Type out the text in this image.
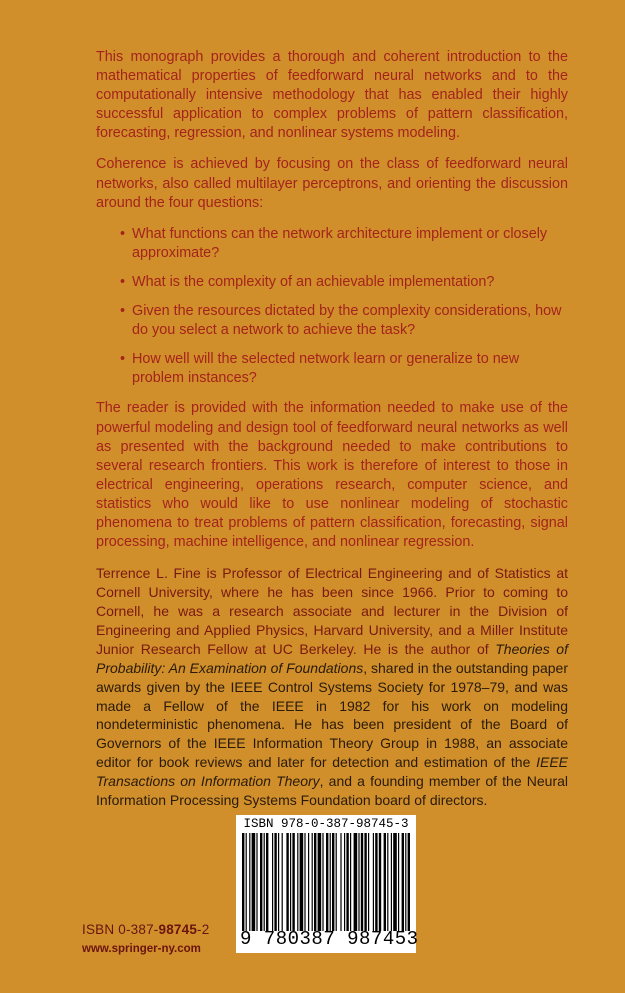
This monograph provides a thorough and coherent introduction to the mathematical properties of feedforward neural networks and to the computationally intensive methodology that has enabled their highly successful application to complex problems of pattern classification, forecasting, regression, and nonlinear systems modeling.

Coherence is achieved by focusing on the class of feedforward neural networks, also called multilayer perceptrons, and orienting the discussion around the four questions:

• What functions can the network architecture implement or closely approximate?
• What is the complexity of an achievable implementation?
• Given the resources dictated by the complexity considerations, how do you select a network to achieve the task?
• How well will the selected network learn or generalize to new problem instances?

The reader is provided with the information needed to make use of the powerful modeling and design tool of feedforward neural networks as well as presented with the background needed to make contributions to several research frontiers. This work is therefore of interest to those in electrical engineering, operations research, computer science, and statistics who would like to use nonlinear modeling of stochastic phenomena to treat problems of pattern classification, forecasting, signal processing, machine intelligence, and nonlinear regression.

Terrence L. Fine is Professor of Electrical Engineering and of Statistics at Cornell University, where he has been since 1966. Prior to coming to Cornell, he was a research associate and lecturer in the Division of Engineering and Applied Physics, Harvard University, and a Miller Institute Junior Research Fellow at UC Berkeley. He is the author of Theories of Probability: An Examination of Foundations, shared in the outstanding paper awards given by the IEEE Control Systems Society for 1978–79, and was made a Fellow of the IEEE in 1982 for his work on modeling nondeterministic phenomena. He has been president of the Board of Governors of the IEEE Information Theory Group in 1988, an associate editor for book reviews and later for detection and estimation of the IEEE Transactions on Information Theory, and a founding member of the Neural Information Processing Systems Foundation board of directors.

ISBN 978-0-387-98745-3
9 780387 987453
ISBN 0-387-98745-2
www.springer-ny.com
